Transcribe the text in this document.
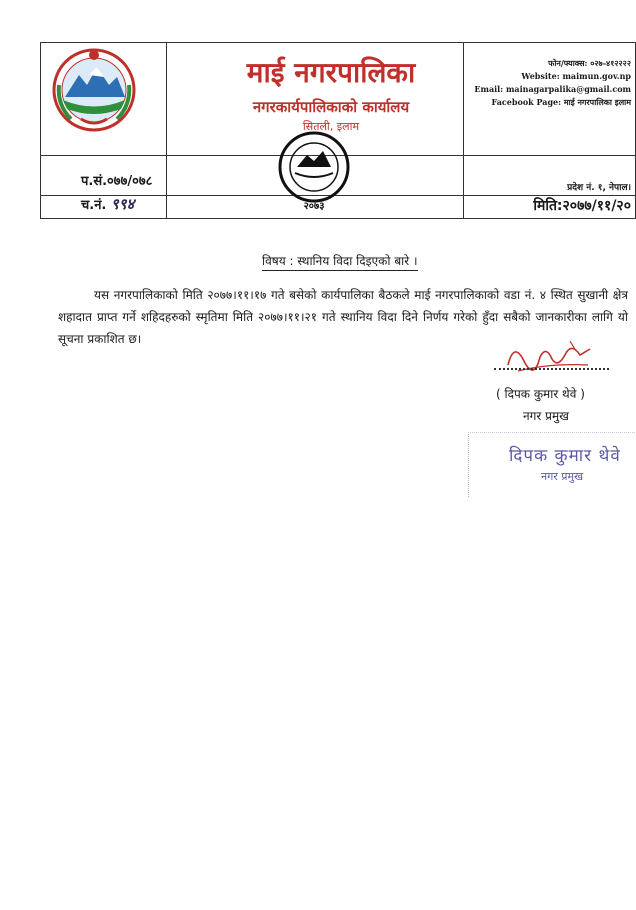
माई नगरपालिका
नगरकार्यपालिकाको कार्यालय
सितली, इलाम
फोन/फ्याक्स: ०२७-४१२२२२
Website: maimun.gov.np
Email: mainagarpalika@gmail.com
Facebook Page: माई नगरपालिका इलाम
२०७३
प.सं.०७७/०७८
च.नं. ९९४
प्रदेश नं. १, नेपाल।
मिति:२०७७/११/२०
विषय : स्थानिय विदा दिइएको बारे ।
यस नगरपालिकाको मिति २०७७।११।१७ गते बसेको कार्यपालिका बैठकले माई नगरपालिकाको वडा नं. ४ स्थित सुखानी क्षेत्र शहादात प्राप्त गर्ने शहिदहरुको स्मृतिमा मिति २०७७।११।२१ गते स्थानिय विदा दिने निर्णय गरेको हुँदा सबैको जानकारीका लागि यो सूचना प्रकाशित छ।
( दिपक कुमार थेवे )
नगर प्रमुख
दिपक कुमार थेवे
नगर प्रमुख
